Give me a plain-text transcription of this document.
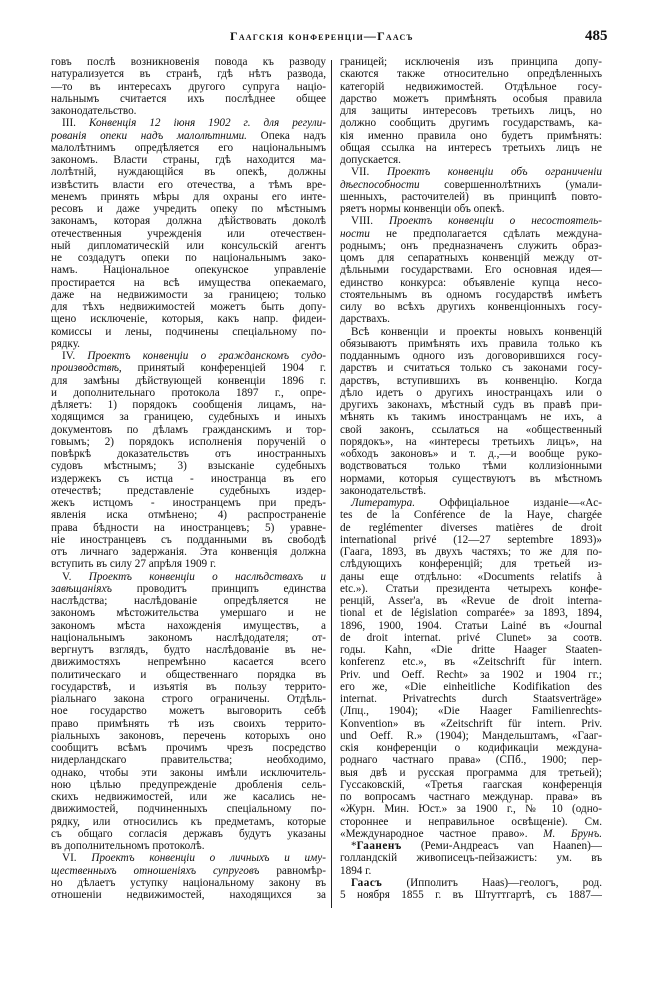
Гаагскія конференціи—Гаасъ	485
говъ послѣ возникновенія повода къ разводу
натурализуется въ странѣ, гдѣ нѣтъ развода,
—то въ интересахъ другого супруга націо-
нальнымъ считается ихъ послѣднее общее
законодательство.
III. Конвенція 12 іюня 1902 г. для регули-
рованія опеки надъ малолѣтними. Опека надъ
малолѣтнимъ опредѣляется его національнымъ
закономъ. Власти страны, гдѣ находится ма-
лолѣтній, нуждающійся въ опекѣ, должны
извѣстить власти его отечества, а тѣмъ вре-
менемъ принять мѣры для охраны его инте-
ресовъ и даже учредить опеку по мѣстнымъ
законамъ, которая должна дѣйствовать доколѣ
отечественныя учрежденія или отечествен-
ный дипломатическій или консульскій агентъ
не создадутъ опеки по національнымъ зако-
намъ. Національное опекунское управленіе
простирается на всѣ имущества опекаемаго,
даже на недвижимости за границею; только
для тѣхъ недвижимостей можетъ быть допу-
щено исключеніе, которыя, какъ напр. фидеи-
комиссы и лены, подчинены спеціальному по-
рядку.
IV. Проектъ конвенціи о гражданскомъ судо-
производствѣ, принятый конференціей 1904 г.
для замѣны дѣйствующей конвенціи 1896 г.
и дополнительнаго протокола 1897 г., опре-
дѣляетъ: 1) порядокъ сообщенія лицамъ, на-
ходящимся за границею, судебныхъ и иныхъ
документовъ по дѣламъ гражданскимъ и тор-
говымъ; 2) порядокъ исполненія порученій о
повѣркѣ доказательствъ отъ иностранныхъ
судовъ мѣстнымъ; 3) взысканіе судебныхъ
издержекъ съ истца - иностранца въ его
отечествѣ; представленіе судебныхъ издер-
жекъ истцомъ - иностранцемъ при предъ-
явленія иска отмѣнено; 4) распространеніе
права бѣдности на иностранцевъ; 5) уравне-
ніе иностранцевъ съ подданными въ свободѣ
отъ личнаго задержанія. Эта конвенція должна
вступить въ силу 27 апрѣля 1909 г.
V. Проектъ конвенціи о наслѣдствахъ и
завѣщаніяхъ проводитъ принципъ единства
наслѣдства; наслѣдованіе опредѣляется не
закономъ мѣстожительства умершаго и не
закономъ мѣста нахожденія имуществъ, а
національнымъ закономъ наслѣдодателя; от-
вергнутъ взглядъ, будто наслѣдованіе въ не-
движимостяхъ непремѣнно касается всего
политическаго и общественнаго порядка въ
государствѣ, и изъятія въ пользу террито-
ріальнаго закона строго ограничены. Отдѣль-
ное государство можетъ выговорить себѣ
право примѣнять тѣ изъ своихъ террито-
ріальныхъ законовъ, перечень которыхъ оно
сообщитъ всѣмъ прочимъ чрезъ посредство
нидерландскаго правительства; необходимо,
однако, чтобы эти законы имѣли исключитель-
ною цѣлью предупрежденіе дробленія сель-
скихъ недвижимостей, или же касались не-
движимостей, подчиненныхъ спеціальному по-
рядку, или относились къ предметамъ, которые
съ общаго согласія державъ будутъ указаны
въ дополнительномъ протоколѣ.
VI. Проектъ конвенціи о личныхъ и иму-
щественныхъ отношеніяхъ супруговъ равномѣр-
но дѣлаетъ уступку національному закону въ
отношеніи недвижимостей, находящихся за
границей; исключенія изъ принципа допу-
скаются также относительно опредѣленныхъ
категорій недвижимостей. Отдѣльное госу-
дарство можетъ примѣнять особыя правила
для защиты интересовъ третьихъ лицъ, но
должно сообщить другимъ государствамъ, ка-
кія именно правила оно будетъ примѣнять:
общая ссылка на интересъ третьихъ лицъ не
допускается.
VII. Проектъ конвенціи объ ограниченіи
дѣеспособности совершеннолѣтнихъ (умали-
шенныхъ, расточителей) въ принципѣ повто-
ряетъ нормы конвенціи объ опекѣ.
VIII. Проектъ конвенціи о несостоятель-
ности не предполагается сдѣлать междуна-
роднымъ; онъ предназначенъ служить образ-
цомъ для сепаратныхъ конвенцій между от-
дѣльными государствами. Его основная идея—
единство конкурса: объявленіе купца несо-
стоятельнымъ въ одномъ государствѣ имѣетъ
силу во всѣхъ другихъ конвенціонныхъ госу-
дарствахъ.
Всѣ конвенціи и проекты новыхъ конвенцій
обязываютъ примѣнять ихъ правила только къ
подданнымъ одного изъ договорившихся госу-
дарствъ и считаться только съ законами госу-
дарствъ, вступившихъ въ конвенцію. Когда
дѣло идетъ о другихъ иностранцахъ или о
другихъ законахъ, мѣстный судъ въ правѣ при-
мѣнять къ такимъ иностранцамъ не ихъ, а
свой законъ, ссылаться на «общественный
порядокъ», на «интересы третьихъ лицъ», на
«обходъ законовъ» и т. д.,—и вообще руко-
водствоваться только тѣми коллизіонными
нормами, которыя существуютъ въ мѣстномъ
законодательствѣ.
Литература. Оффиціальное изданіе—«Ac-
tes de la Conférence de la Haye, chargée
de reglémenter diverses matières de droit
international privé (12—27 septembre 1893)»
(Гаага, 1893, въ двухъ частяхъ; то же для по-
слѣдующихъ конференцій; для третьей из-
даны еще отдѣльно: «Documents relatifs à
etc.»). Статьи президента четырехъ конфе-
ренцій, Asser'a, въ «Revue de droit interna-
tional et de législation comparée» за 1893, 1894,
1896, 1900, 1904. Статьи Lainé въ «Journal
de droit internat. privé Clunet» за соотв.
годы. Kahn, «Die dritte Haager Staaten-
konferenz etc.», въ «Zeitschrift für intern.
Priv. und Oeff. Recht» за 1902 и 1904 гг.;
его же, «Die einheitliche Kodifikation des
internat. Privatrechts durch Staatsverträge»
(Лпц., 1904); «Die Haager Familienrechts-
Konvention» въ «Zeitschrift für intern. Priv.
und Oeff. R.» (1904); Мандельштамъ, «Гааг-
скія конференціи о кодификаціи междуна-
роднаго частнаго права» (СПб., 1900; пер-
выя двѣ и русская программа для третьей);
Гуссаковскій, «Третья гаагская конференція
по вопросамъ частнаго междунар. права» въ
«Журн. Мин. Юст.» за 1900 г., № 10 (одно-
стороннее и неправильное освѣщеніе). См.
«Международное частное право». М. Брунъ.
*Гааненъ (Реми-Андреасъ van Haanen)—
голландскій живописецъ-пейзажистъ: ум. въ
1894 г.
Гаасъ (Ипполитъ Haas)—геологъ, род.
5 ноября 1855 г. въ Штуттгартѣ, съ 1887—
